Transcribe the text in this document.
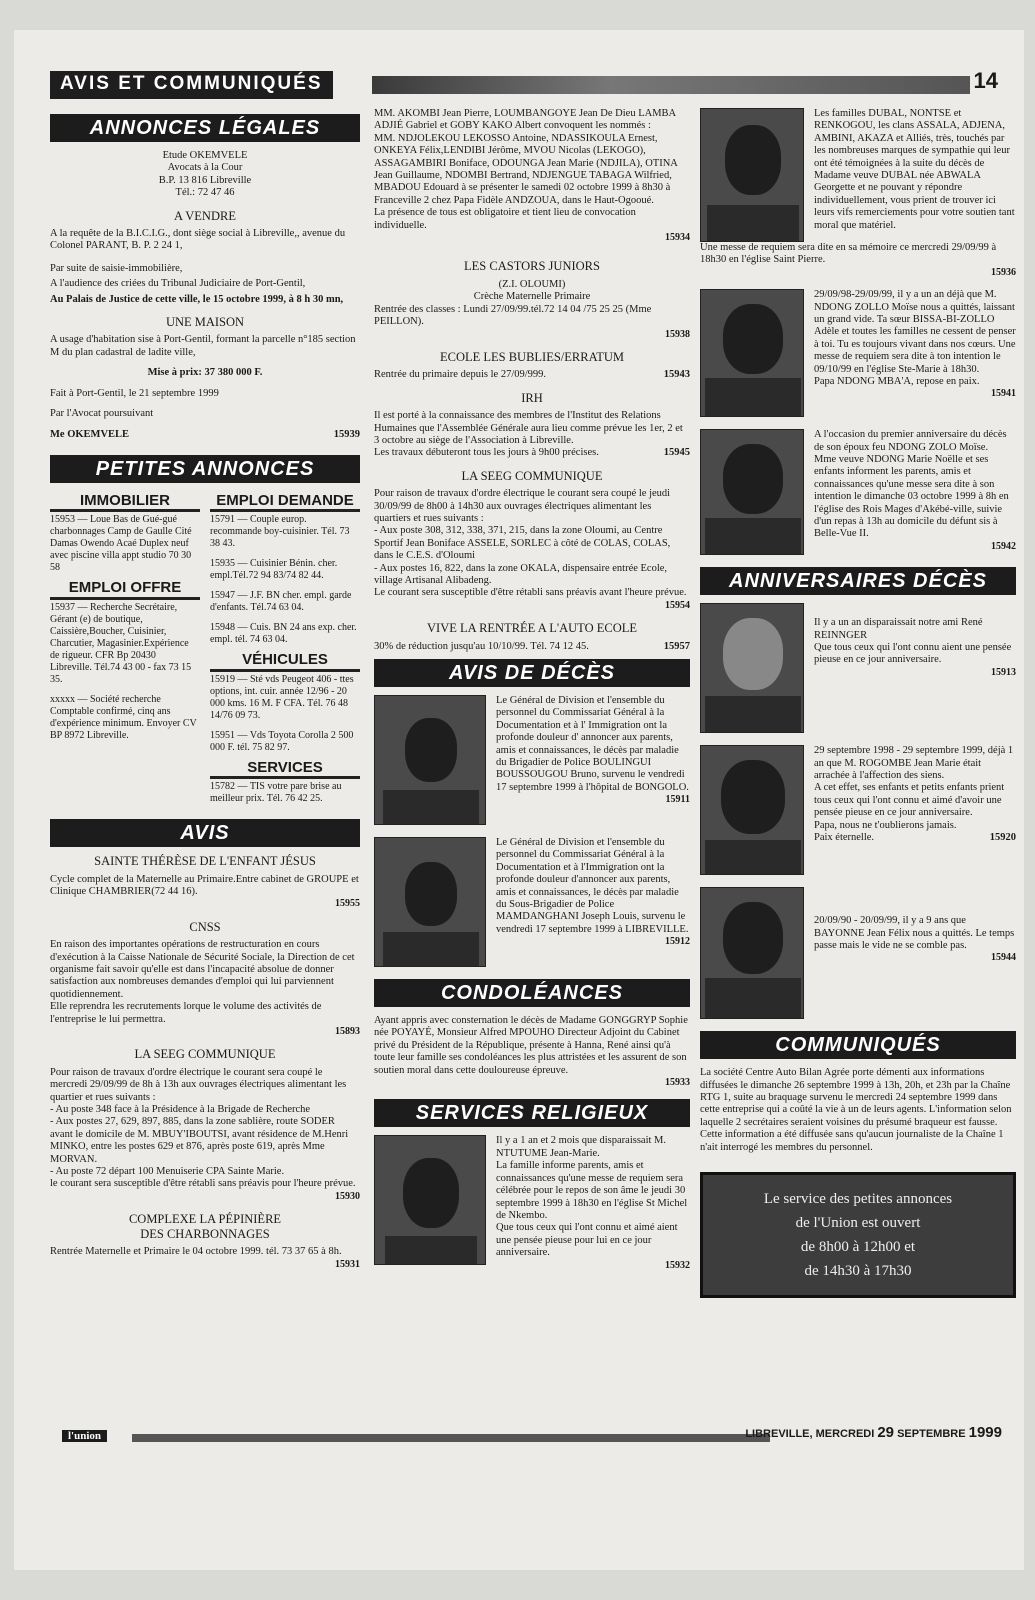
AVIS ET COMMUNIQUÉS	14
ANNONCES LÉGALES
Etude OKEMVELE
Avocats à la Cour
B.P. 13 816 Libreville
Tél.: 72 47 46
A VENDRE
A la requête de la B.I.C.I.G., dont siège social à Libreville,, avenue du Colonel PARANT, B. P. 2 24 1,
Par suite de saisie-immobilière,
A l'audience des criées du Tribunal Judiciaire de Port-Gentil,
Au Palais de Justice de cette ville, le 15 octobre 1999, à 8 h 30 mn,
UNE MAISON
A usage d'habitation sise à Port-Gentil, formant la parcelle n°185 section M du plan cadastral de ladite ville,
Mise à prix: 37 380 000 F.
Fait à Port-Gentil, le 21 septembre 1999
Par l'Avocat poursuivant
Me OKEMVELE	15939
PETITES ANNONCES
IMMOBILIER
15953 — Loue Bas de Gué-gué charbonnages Camp de Gaulle Cité Damas Owendo Acaé Duplex neuf avec piscine villa appt studio 70 30 58
EMPLOI OFFRE
15937 — Recherche Secrétaire, Gérant (e) de boutique, Caissière,Boucher, Cuisinier, Charcutier, Magasinier.Expérience de rigueur. CFR Bp 20430 Libreville. Tél.74 43 00 - fax 73 15 35.
xxxxx — Société recherche Comptable confirmé, cinq ans d'expérience minimum. Envoyer CV BP 8972 Libreville.
EMPLOI DEMANDE
15791 — Couple europ. recommande boy-cuisinier. Tél. 73 38 43.
15935 — Cuisinier Bénin. cher. empl.Tél.72 94 83/74 82 44.
15947 — J.F. BN cher. empl. garde d'enfants. Tél.74 63 04.
15948 — Cuis. BN 24 ans exp. cher. empl. tél. 74 63 04.
VÉHICULES
15919 — Sté vds Peugeot 406 - ttes options, int. cuir. année 12/96 - 20 000 kms. 16 M. F CFA. Tél. 76 48 14/76 09 73.
15951 — Vds Toyota Corolla 2 500 000 F. tél. 75 82 97.
SERVICES
15782 — TIS votre pare brise au meilleur prix. Tél. 76 42 25.
AVIS
SAINTE THÉRÈSE DE L'ENFANT JÉSUS
Cycle complet de la Maternelle au Primaire.Entre cabinet de GROUPE et Clinique CHAMBRIER(72 44 16).
15955
CNSS
En raison des importantes opérations de restructuration en cours d'exécution à la Caisse Nationale de Sécurité Sociale, la Direction de cet organisme fait savoir qu'elle est dans l'incapacité absolue de donner satisfaction aux nombreuses demandes d'emploi qui lui parviennent quotidiennement.
Elle reprendra les recrutements lorque le volume des activités de l'entreprise le lui permettra.
15893
LA SEEG COMMUNIQUE
Pour raison de travaux d'ordre électrique le courant sera coupé le mercredi 29/09/99 de 8h à 13h aux ouvrages électriques alimentant les quartier et rues suivants :
- Au poste 348 face à la Présidence à la Brigade de Recherche
- Aux postes 27, 629, 897, 885, dans la zone sablière, route SODER avant le domicile de M. MBUY'IBOUTSI, avant résidence de M.Henri MINKO, entre les postes 629 et 876, après poste 619, après Mme MORVAN.
- Au poste 72 départ 100 Menuiserie CPA Sainte Marie.
le courant sera susceptible d'être rétabli sans préavis pour l'heure prévue.
15930
COMPLEXE LA PÉPINIÈRE
DES CHARBONNAGES
Rentrée Maternelle et Primaire le 04 octobre 1999. tél. 73 37 65 à 8h.
15931
MM. AKOMBI Jean Pierre, LOUMBANGOYE Jean De Dieu LAMBA ADJIÉ Gabriel et GOBY KAKO Albert convoquent les nommés :
MM. NDJOLEKOU LEKOSSO Antoine, NDASSIKOULA Ernest, ONKEYA Félix,LENDIBI Jérôme, MVOU Nicolas (LEKOGO), ASSAGAMBIRI Boniface, ODOUNGA Jean Marie (NDJILA), OTINA Jean Guillaume, NDOMBI Bertrand, NDJENGUE TABAGA Wilfried, MBADOU Edouard à se présenter le samedi 02 octobre 1999 à 8h30 à Franceville 2 chez Papa Fidèle ANDZOUA, dans le Haut-Ogooué.
La présence de tous est obligatoire et tient lieu de convocation individuelle.
15934
LES CASTORS JUNIORS
(Z.I. OLOUMI)
Crèche Maternelle Primaire
Rentrée des classes : Lundi 27/09/99.tél.72 14 04 /75 25 25 (Mme PEILLON).
15938
ECOLE LES BUBLIES/ERRATUM
Rentrée du primaire depuis le 27/09/999.	15943
IRH
Il est porté à la connaissance des membres de l'Institut des Relations Humaines que l'Assemblée Générale aura lieu comme prévue les 1er, 2 et 3 octobre au siège de l'Association à Libreville.
Les travaux débuteront tous les jours à 9h00 précises.	15945
LA SEEG COMMUNIQUE
Pour raison de travaux d'ordre électrique le courant sera coupé le jeudi 30/09/99 de 8h00 à 14h30 aux ouvrages électriques alimentant les quartiers et rues suivants :
- Aux poste 308, 312, 338, 371, 215, dans la zone Oloumi, au Centre Sportif Jean Boniface ASSELE, SORLEC à côté de COLAS, COLAS, dans le C.E.S. d'Oloumi
- Aux postes 16, 822, dans la zone OKALA, dispensaire entrée Ecole, village Artisanal Alibadeng.
Le courant sera susceptible d'être rétabli sans préavis avant l'heure prévue.
15954
VIVE LA RENTRÉE A L'AUTO ECOLE
30% de réduction jusqu'au 10/10/99. Tél. 74 12 45.	15957
AVIS DE DÉCÈS
Le Général de Division et l'ensemble du personnel du Commissariat Général à la Documentation et à l' Immigration ont la profonde douleur d' annoncer aux parents, amis et connaissances, le décès par maladie du Brigadier de Police BOULINGUI BOUSSOUGOU Bruno, survenu le vendredi 17 septembre 1999 à l'hôpital de BONGOLO.
15911
Le Général de Division et l'ensemble du personnel du Commissariat Général à la Documentation et à l'Immigration ont la profonde douleur d'annoncer aux parents, amis et connaissances, le décès par maladie du Sous-Brigadier de Police MAMDANGHANI Joseph Louis, survenu le vendredi 17 septembre 1999 à LIBREVILLE.
15912
CONDOLÉANCES
Ayant appris avec consternation le décès de Madame GONGGRYP Sophie née POYAYÉ, Monsieur Alfred MPOUHO Directeur Adjoint du Cabinet privé du Président de la République, présente à Hanna, René ainsi qu'à toute leur famille ses condoléances les plus attristées et les assurent de son soutien moral dans cette douloureuse épreuve.
15933
SERVICES RELIGIEUX
Il y a 1 an et 2 mois que disparaissait M. NTUTUME Jean-Marie.
La famille informe parents, amis et connaissances qu'une messe de requiem sera célébrée pour le repos de son âme le jeudi 30 septembre 1999 à 18h30 en l'église St Michel de Nkembo.
Que tous ceux qui l'ont connu et aimé aient une pensée pieuse pour lui en ce jour anniversaire.
15932
Les familles DUBAL, NONTSE et RENKOGOU, les clans ASSALA, ADJENA, AMBINI, AKAZA et Alliés, très, touchés par les nombreuses marques de sympathie qui leur ont été témoignées à la suite du décès de Madame veuve DUBAL née ABWALA Georgette et ne pouvant y répondre individuellement, vous prient de trouver ici leurs vifs remerciements pour votre soutien tant moral que matériel.
Une messe de requiem sera dite en sa mémoire ce mercredi 29/09/99 à 18h30 en l'église Saint Pierre.
15936
29/09/98-29/09/99, il y a un an déjà que M. NDONG ZOLLO Moïse nous a quittés, laissant un grand vide. Ta sœur BISSA-BI-ZOLLO Adèle et toutes les familles ne cessent de penser à toi. Tu es toujours vivant dans nos cœurs. Une messe de requiem sera dite à ton intention le 09/10/99 en l'église Ste-Marie à 18h30.
Papa NDONG MBA'A, repose en paix.
15941
A l'occasion du premier anniversaire du décès de son époux feu NDONG ZOLO Moïse.
Mme veuve NDONG Marie Noëlle et ses enfants informent les parents, amis et connaissances qu'une messe sera dite à son intention le dimanche 03 octobre 1999 à 8h en l'église des Rois Mages d'Akébé-ville, suivie d'un repas à 13h au domicile du défunt sis à Belle-Vue II.
15942
ANNIVERSAIRES DÉCÈS
Il y a un an disparaissait notre ami René REINNGER
Que tous ceux qui l'ont connu aient une pensée pieuse en ce jour anniversaire.
15913
29 septembre 1998 - 29 septembre 1999, déjà 1 an que M. ROGOMBE Jean Marie était arrachée à l'affection des siens.
A cet effet, ses enfants et petits enfants prient tous ceux qui l'ont connu et aimé d'avoir une pensée pieuse en ce jour anniversaire.
Papa, nous ne t'oublierons jamais.
Paix éternelle.	15920
20/09/90 - 20/09/99, il y a 9 ans que BAYONNE Jean Félix nous a quittés. Le temps passe mais le vide ne se comble pas.
15944
COMMUNIQUÉS
La société Centre Auto Bilan Agrée porte démenti aux informations diffusées le dimanche 26 septembre 1999 à 13h, 20h, et 23h par la Chaîne RTG 1, suite au braquage survenu le mercredi 24 septembre 1999 dans cette entreprise qui a coûté la vie à un de leurs agents. L'information selon laquelle 2 secrétaires seraient voisines du présumé braqueur est fausse. Cette information a été diffusée sans qu'aucun journaliste de la Chaîne 1 n'ait interrogé les membres du personnel.
Le service des petites annonces
de l'Union est ouvert
de 8h00 à 12h00 et
de 14h30 à 17h30
l'union	LIBREVILLE, MERCREDI 29 SEPTEMBRE 1999
